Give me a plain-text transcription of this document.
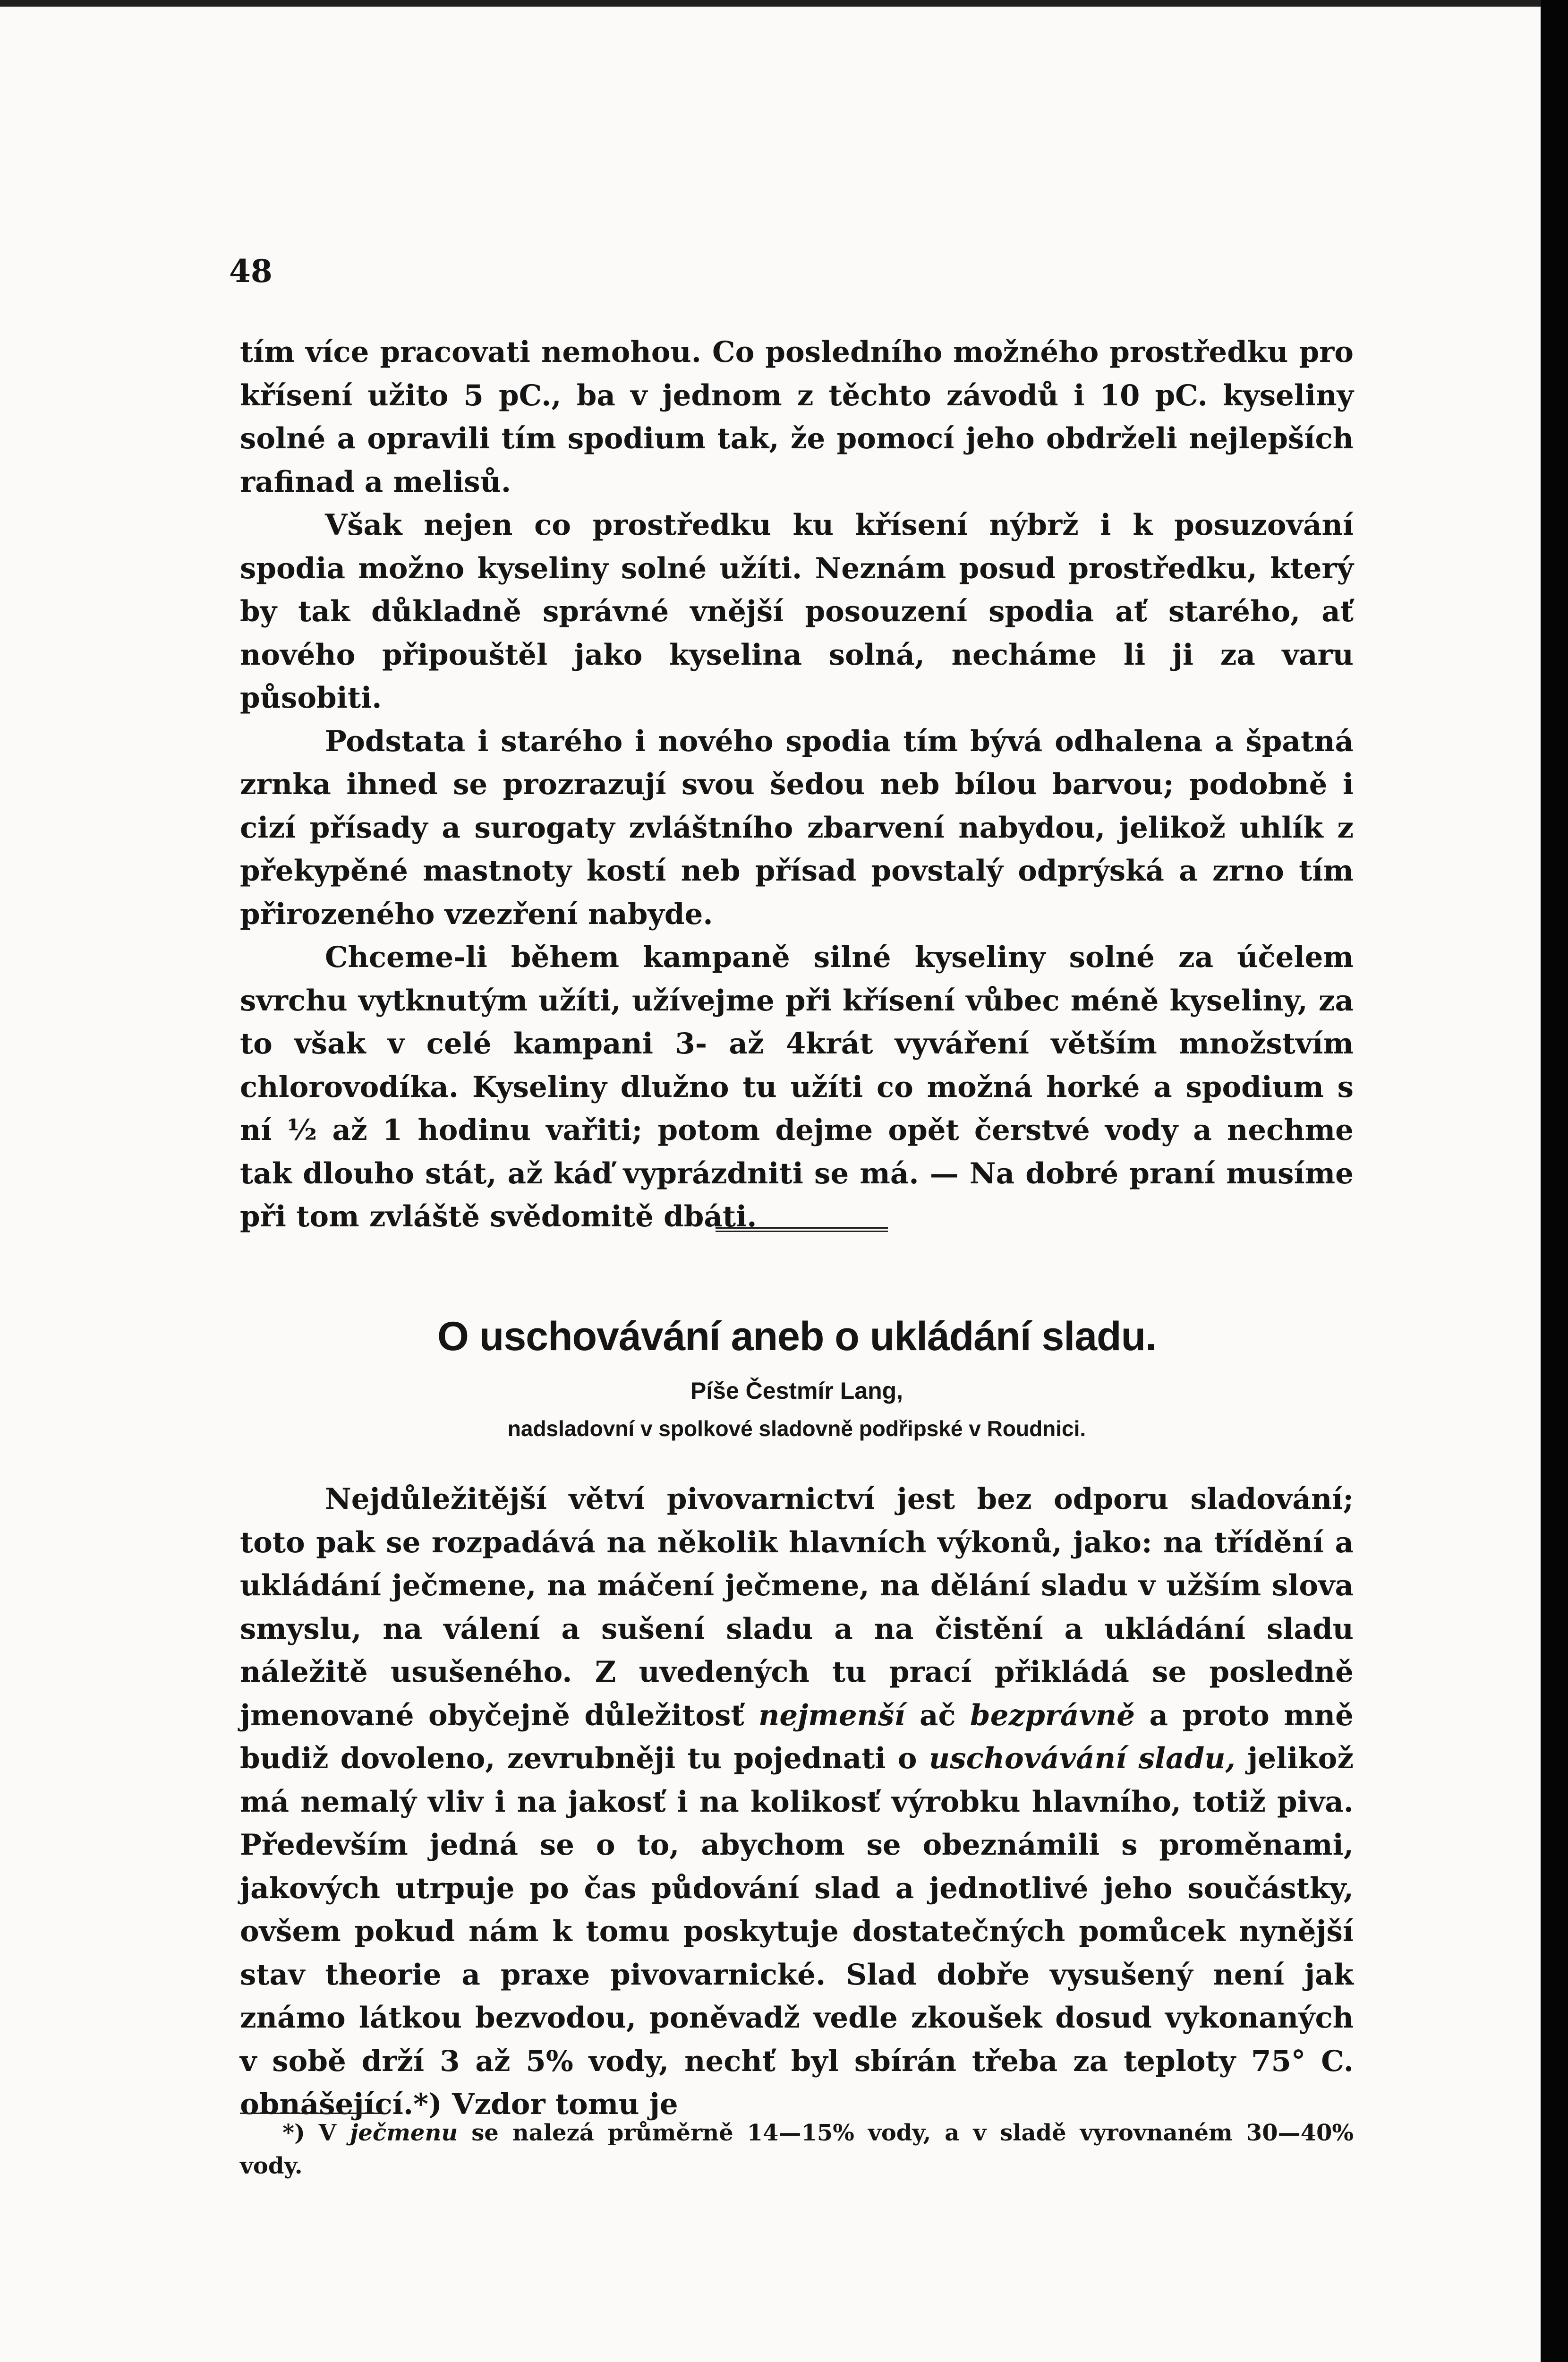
48

tím více pracovati nemohou. Co posledního možného prostředku pro křísení užito 5 pC., ba v jednom z těchto závodů i 10 pC. kyseliny solné a opravili tím spodium tak, že pomocí jeho obdrželi nejlepších rafinad a melisů.

Však nejen co prostředku ku křísení nýbrž i k posuzování spodia možno kyseliny solné užíti. Neznám posud prostředku, který by tak důkladně správné vnější posouzení spodia ať starého, ať nového připouštěl jako kyselina solná, necháme li ji za varu působiti.

Podstata i starého i nového spodia tím bývá odhalena a špatná zrnka ihned se prozrazují svou šedou neb bílou barvou; podobně i cizí přísady a surogaty zvláštního zbarvení nabydou, jelikož uhlík z překypěné mastnoty kostí neb přísad povstalý odprýská a zrno tím přirozeného vzezření nabyde.

Chceme-li během kampaně silné kyseliny solné za účelem svrchu vytknutým užíti, užívejme při křísení vůbec méně kyseliny, za to však v celé kampani 3- až 4krát vyváření větším množstvím chlorovodíka. Kyseliny dlužno tu užíti co možná horké a spodium s ní ½ až 1 hodinu vařiti; potom dejme opět čerstvé vody a nechme tak dlouho stát, až káď vyprázdniti se má. — Na dobré praní musíme při tom zvláště svědomitě dbáti.

O uschovávání aneb o ukládání sladu.
Píše Čestmír Lang,
nadsladovní v spolkové sladovně podřipské v Roudnici.

Nejdůležitější větví pivovarnictví jest bez odporu sladování; toto pak se rozpadává na několik hlavních výkonů, jako: na třídění a ukládání ječmene, na máčení ječmene, na dělání sladu v užším slova smyslu, na válení a sušení sladu a na čistění a ukládání sladu náležitě usušeného. Z uvedených tu prací přikládá se posledně jmenované obyčejně důležitosť nejmenší ač bezprávně a proto mně budiž dovoleno, zevrubněji tu pojednati o uschovávání sladu, jelikož má nemalý vliv i na jakosť i na kolikosť výrobku hlavního, totiž piva. Především jedná se o to, abychom se obeznámili s proměnami, jakových utrpuje po čas půdování slad a jednotlivé jeho součástky, ovšem pokud nám k tomu poskytuje dostatečných pomůcek nynější stav theorie a praxe pivovarnické. Slad dobře vysušený není jak známo látkou bezvodou, poněvadž vedle zkoušek dosud vykonaných v sobě drží 3 až 5% vody, nechť byl sbírán třeba za teploty 75° C. obnášející.*) Vzdor tomu je

*) V ječmenu se nalezá průměrně 14—15% vody, a v sladě vyrovnaném 30—40% vody.
